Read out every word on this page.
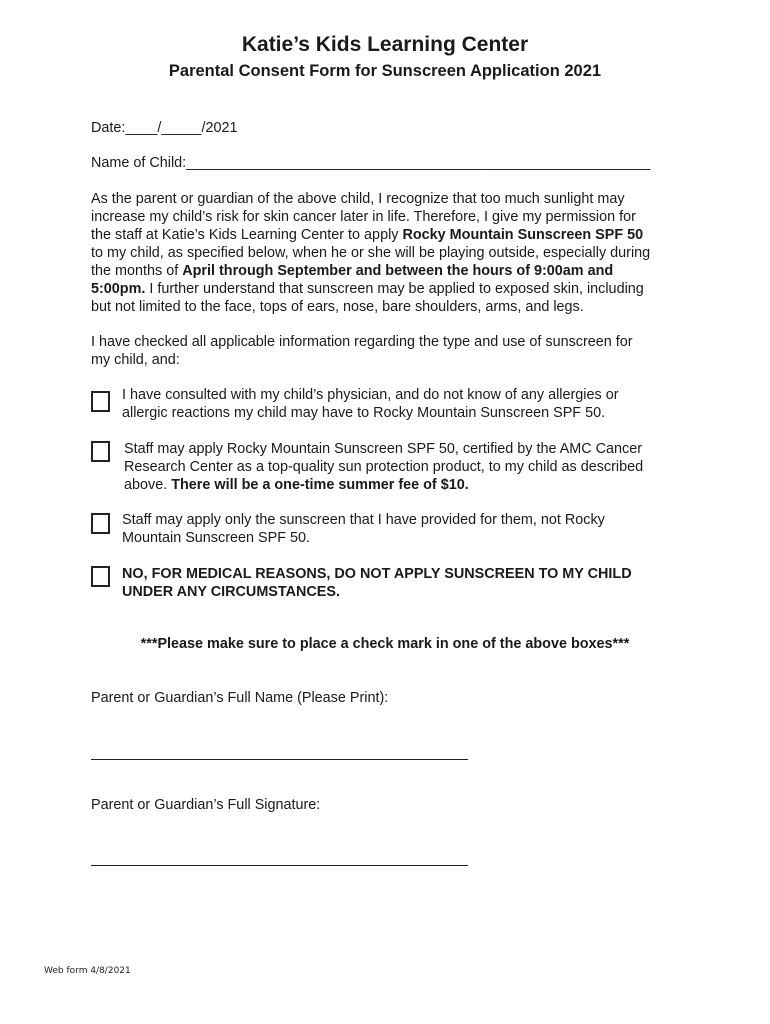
Katie’s Kids Learning Center
Parental Consent Form for Sunscreen Application 2021
Date:____/_____/2021
Name of Child:__________________________________________________________
As the parent or guardian of the above child, I recognize that too much sunlight may
increase my child’s risk for skin cancer later in life. Therefore, I give my permission for
the staff at Katie’s Kids Learning Center to apply Rocky Mountain Sunscreen SPF 50
to my child, as specified below, when he or she will be playing outside, especially during
the months of April through September and between the hours of 9:00am and
5:00pm. I further understand that sunscreen may be applied to exposed skin, including
but not limited to the face, tops of ears, nose, bare shoulders, arms, and legs.
I have checked all applicable information regarding the type and use of sunscreen for
my child, and:
I have consulted with my child’s physician, and do not know of any allergies or
allergic reactions my child may have to Rocky Mountain Sunscreen SPF 50.
Staff may apply Rocky Mountain Sunscreen SPF 50, certified by the AMC Cancer
Research Center as a top-quality sun protection product, to my child as described
above. There will be a one-time summer fee of $10.
Staff may apply only the sunscreen that I have provided for them, not Rocky
Mountain Sunscreen SPF 50.
NO, FOR MEDICAL REASONS, DO NOT APPLY SUNSCREEN TO MY CHILD
UNDER ANY CIRCUMSTANCES.
***Please make sure to place a check mark in one of the above boxes***
Parent or Guardian’s Full Name (Please Print):
Parent or Guardian’s Full Signature:
Web form 4/8/2021
